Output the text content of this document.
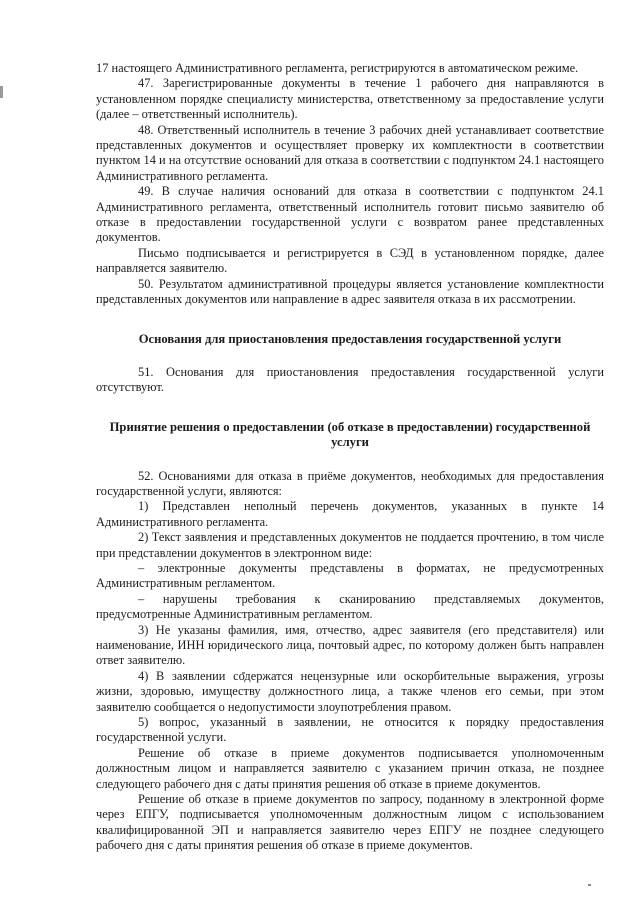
17 настоящего Административного регламента, регистрируются в автоматическом режиме.

47. Зарегистрированные документы в течение 1 рабочего дня направляются в установленном порядке специалисту министерства, ответственному за предоставление услуги (далее – ответственный исполнитель).

48. Ответственный исполнитель в течение 3 рабочих дней устанавливает соответствие представленных документов и осуществляет проверку их комплектности в соответствии пунктом 14 и на отсутствие оснований для отказа в соответствии с подпунктом 24.1 настоящего Административного регламента.

49. В случае наличия оснований для отказа в соответствии с подпунктом 24.1 Административного регламента, ответственный исполнитель готовит письмо заявителю об отказе в предоставлении государственной услуги с возвратом ранее представленных документов.

Письмо подписывается и регистрируется в СЭД в установленном порядке, далее направляется заявителю.

50. Результатом административной процедуры является установление комплектности представленных документов или направление в адрес заявителя отказа в их рассмотрении.

Основания для приостановления предоставления государственной услуги

51. Основания для приостановления предоставления государственной услуги отсутствуют.

Принятие решения о предоставлении (об отказе в предоставлении) государственной услуги

52. Основаниями для отказа в приёме документов, необходимых для предоставления государственной услуги, являются:

1) Представлен неполный перечень документов, указанных в пункте 14 Административного регламента.

2) Текст заявления и представленных документов не поддается прочтению, в том числе при представлении документов в электронном виде:

– электронные документы представлены в форматах, не предусмотренных Административным регламентом.

– нарушены требования к сканированию представляемых документов, предусмотренные Административным регламентом.

3) Не указаны фамилия, имя, отчество, адрес заявителя (его представителя) или наименование, ИНН юридического лица, почтовый адрес, по которому должен быть направлен ответ заявителю.

4) В заявлении содержатся нецензурные или оскорбительные выражения, угрозы жизни, здоровью, имуществу должностного лица, а также членов его семьи, при этом заявителю сообщается о недопустимости злоупотребления правом.

5) вопрос, указанный в заявлении, не относится к порядку предоставления государственной услуги.

Решение об отказе в приеме документов подписывается уполномоченным должностным лицом и направляется заявителю с указанием причин отказа, не позднее следующего рабочего дня с даты принятия решения об отказе в приеме документов.

Решение об отказе в приеме документов по запросу, поданному в электронной форме через ЕПГУ, подписывается уполномоченным должностным лицом с использованием квалифицированной ЭП и направляется заявителю через ЕПГУ не позднее следующего рабочего дня с даты принятия решения об отказе в приеме документов.
